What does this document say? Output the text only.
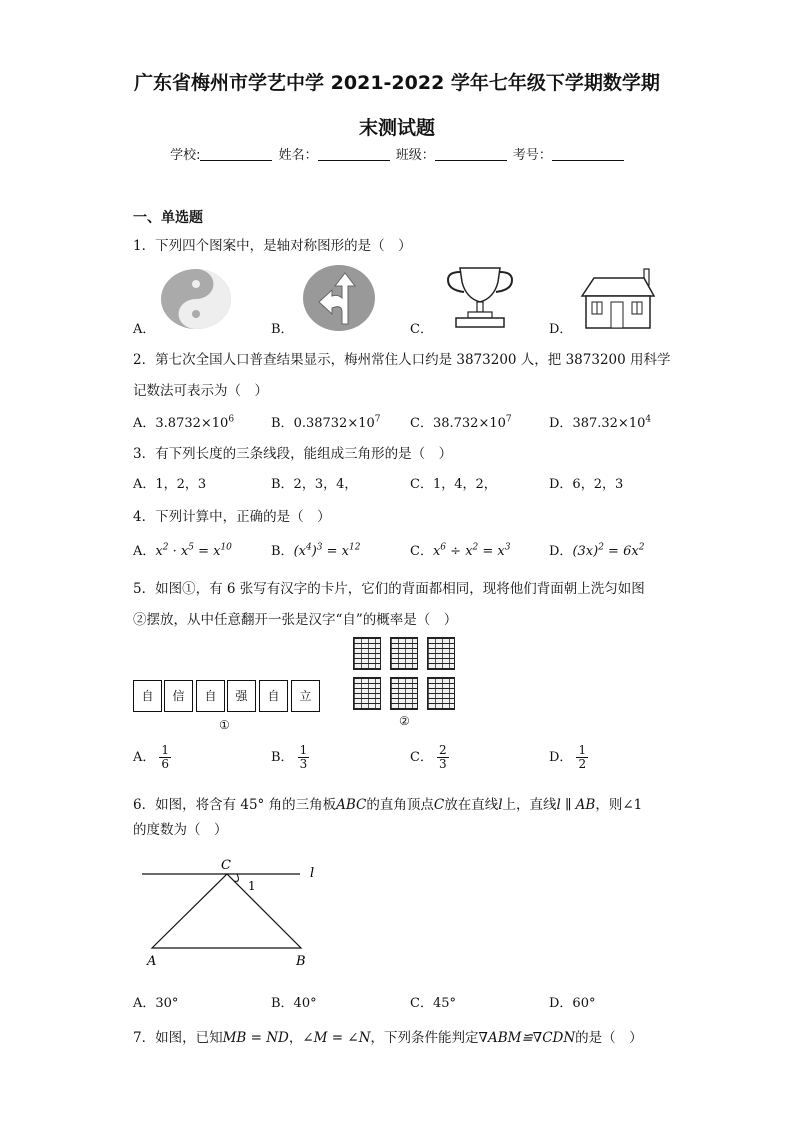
广东省梅州市学艺中学 2021-2022 学年七年级下学期数学期
末测试题
学校:	姓名：	班级：	考号：
一、单选题
1．下列四个图案中，是轴对称图形的是（　）
A．	B．	C．	D．
2．第七次全国人口普查结果显示，梅州常住人口约是 3873200 人，把 3873200 用科学
记数法可表示为（　）
A．$3.8732\times 10^6$	B．$0.38732\times 10^7$ C．$38.732\times 10^7$	D．$387.32\times 10^4$
3．有下列长度的三条线段，能组成三角形的是（　）
A．1，2，3	B．2，3，4，	C．1，4，2，	D．6，2，3
4．下列计算中，正确的是（　）
A．$x^2 \cdot x^5 = x^{10}$	B．$(x^4)^3 = x^{12}$	C．$x^6 \div x^2 = x^3$	D．$(3x)^2 = 6x^2$
5．如图①，有 6 张写有汉字的卡片，它们的背面都相同，现将他们背面朝上洗匀如图
②摆放，从中任意翻开一张是汉字“自”的概率是（　）
自	信	自	强	自	立
①	②
A． $\frac{1}{6}$	B． $\frac{1}{3}$	C． $\frac{2}{3}$	D． $\frac{1}{2}$
6．如图，将含有 45° 角的三角板ABC的直角顶点C放在直线l上，直线l ∥ AB，则∠1
的度数为（　）
C
l
1
A	B
A．30°	B．40°	C．45°	D．60°
7．如图，已知MB = ND，∠M = ∠N，下列条件能判定∇ABM≌∇CDN的是（　）
